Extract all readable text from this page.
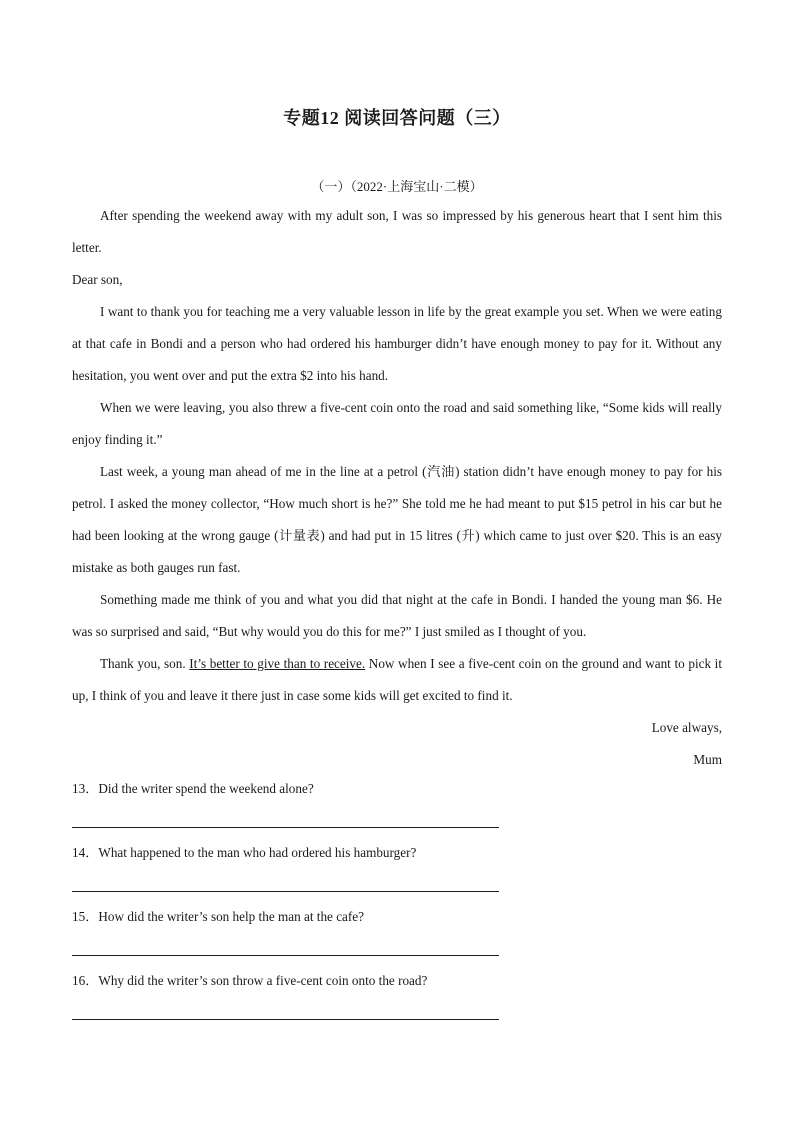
专题12 阅读回答问题（三）
（一）（2022·上海宝山·二模）

After spending the weekend away with my adult son, I was so impressed by his generous heart that I sent him this letter.

Dear son,

I want to thank you for teaching me a very valuable lesson in life by the great example you set. When we were eating at that cafe in Bondi and a person who had ordered his hamburger didn’t have enough money to pay for it. Without any hesitation, you went over and put the extra $2 into his hand.

When we were leaving, you also threw a five-cent coin onto the road and said something like, “Some kids will really enjoy finding it.”

Last week, a young man ahead of me in the line at a petrol (汽油) station didn’t have enough money to pay for his petrol. I asked the money collector, “How much short is he?” She told me he had meant to put $15 petrol in his car but he had been looking at the wrong gauge (计量表) and had put in 15 litres (升) which came to just over $20. This is an easy mistake as both gauges run fast.

Something made me think of you and what you did that night at the cafe in Bondi. I handed the young man $6. He was so surprised and said, “But why would you do this for me?” I just smiled as I thought of you.

Thank you, son. It’s better to give than to receive. Now when I see a five-cent coin on the ground and want to pick it up, I think of you and leave it there just in case some kids will get excited to find it.

Love always,

Mum

13．Did the writer spend the weekend alone?
14．What happened to the man who had ordered his hamburger?
15．How did the writer’s son help the man at the cafe?
16．Why did the writer’s son throw a five-cent coin onto the road?
